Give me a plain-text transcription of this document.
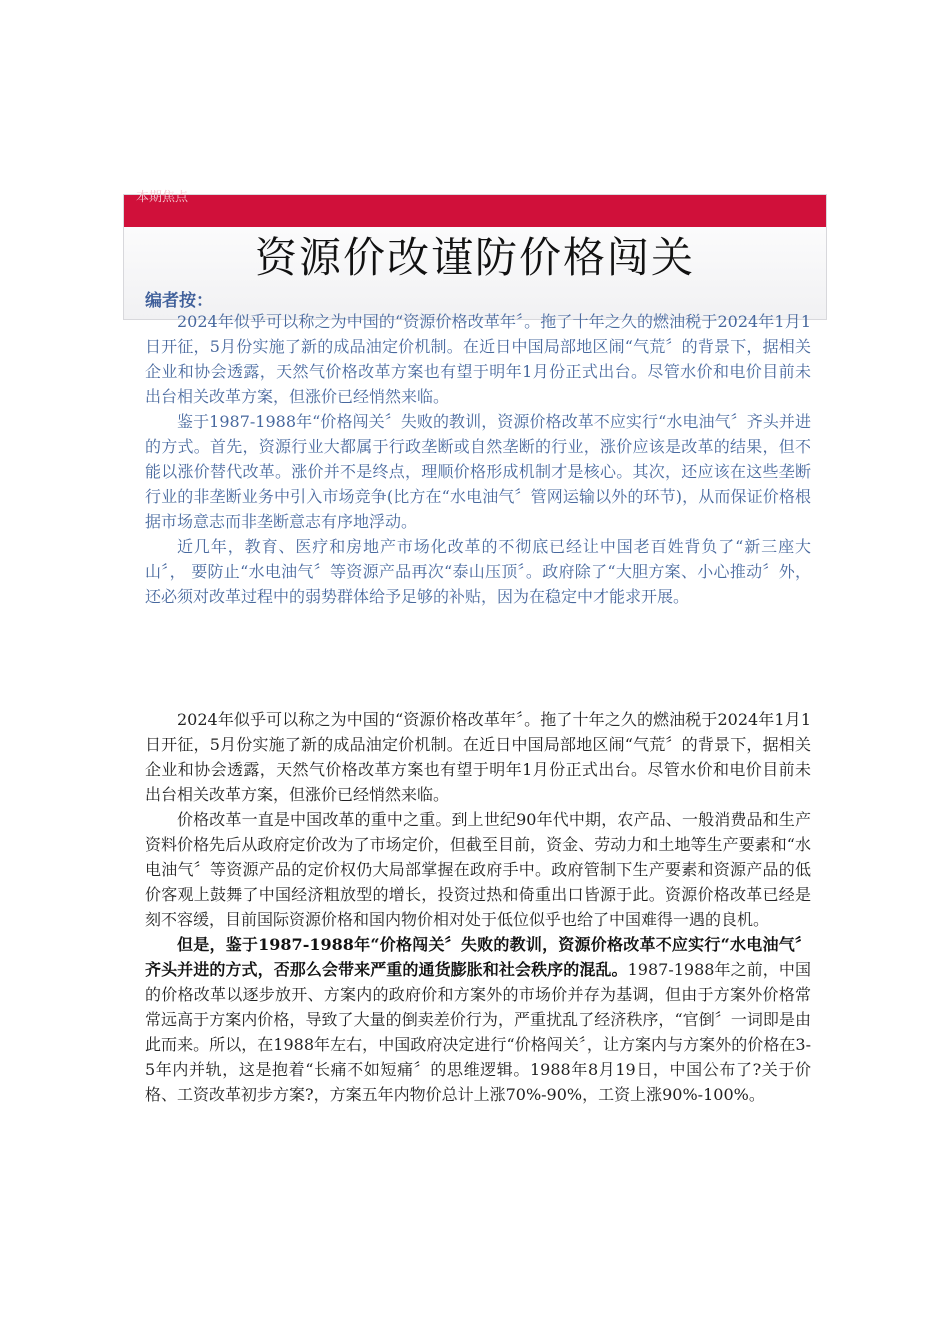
本期焦点
资源价改谨防价格闯关
编者按：

2024年似乎可以称之为中国的“资源价格改革年〞。拖了十年之久的燃油税于2024年1月1日开征，5月份实施了新的成品油定价机制。在近日中国局部地区闹“气荒〞的背景下，据相关企业和协会透露，天然气价格改革方案也有望于明年1月份正式出台。尽管水价和电价目前未出台相关改革方案，但涨价已经悄然来临。

鉴于1987-1988年“价格闯关〞失败的教训，资源价格改革不应实行“水电油气〞齐头并进的方式。首先，资源行业大都属于行政垄断或自然垄断的行业，涨价应该是改革的结果，但不能以涨价替代改革。涨价并不是终点，理顺价格形成机制才是核心。其次，还应该在这些垄断行业的非垄断业务中引入市场竞争(比方在“水电油气〞管网运输以外的环节)，从而保证价格根据市场意志而非垄断意志有序地浮动。

近几年，教育、医疗和房地产市场化改革的不彻底已经让中国老百姓背负了“新三座大山〞， 要防止“水电油气〞等资源产品再次“泰山压顶〞。政府除了“大胆方案、小心推动〞外，还必须对改革过程中的弱势群体给予足够的补贴，因为在稳定中才能求开展。

2024年似乎可以称之为中国的“资源价格改革年〞。拖了十年之久的燃油税于2024年1月1日开征，5月份实施了新的成品油定价机制。在近日中国局部地区闹“气荒〞的背景下，据相关企业和协会透露，天然气价格改革方案也有望于明年1月份正式出台。尽管水价和电价目前未出台相关改革方案，但涨价已经悄然来临。

价格改革一直是中国改革的重中之重。到上世纪90年代中期，农产品、一般消费品和生产资料价格先后从政府定价改为了市场定价，但截至目前，资金、劳动力和土地等生产要素和“水电油气〞等资源产品的定价权仍大局部掌握在政府手中。政府管制下生产要素和资源产品的低价客观上鼓舞了中国经济粗放型的增长，投资过热和倚重出口皆源于此。资源价格改革已经是刻不容缓，目前国际资源价格和国内物价相对处于低位似乎也给了中国难得一遇的良机。

但是，鉴于1987-1988年“价格闯关〞失败的教训，资源价格改革不应实行“水电油气〞齐头并进的方式，否那么会带来严重的通货膨胀和社会秩序的混乱。1987-1988年之前，中国的价格改革以逐步放开、方案内的政府价和方案外的市场价并存为基调，但由于方案外价格常常远高于方案内价格，导致了大量的倒卖差价行为，严重扰乱了经济秩序，“官倒〞一词即是由此而来。所以，在1988年左右，中国政府决定进行“价格闯关〞，让方案内与方案外的价格在3-5年内并轨，这是抱着“长痛不如短痛〞的思维逻辑。1988年8月19日，中国公布了?关于价格、工资改革初步方案?，方案五年内物价总计上涨70%-90%，工资上涨90%-100%。
